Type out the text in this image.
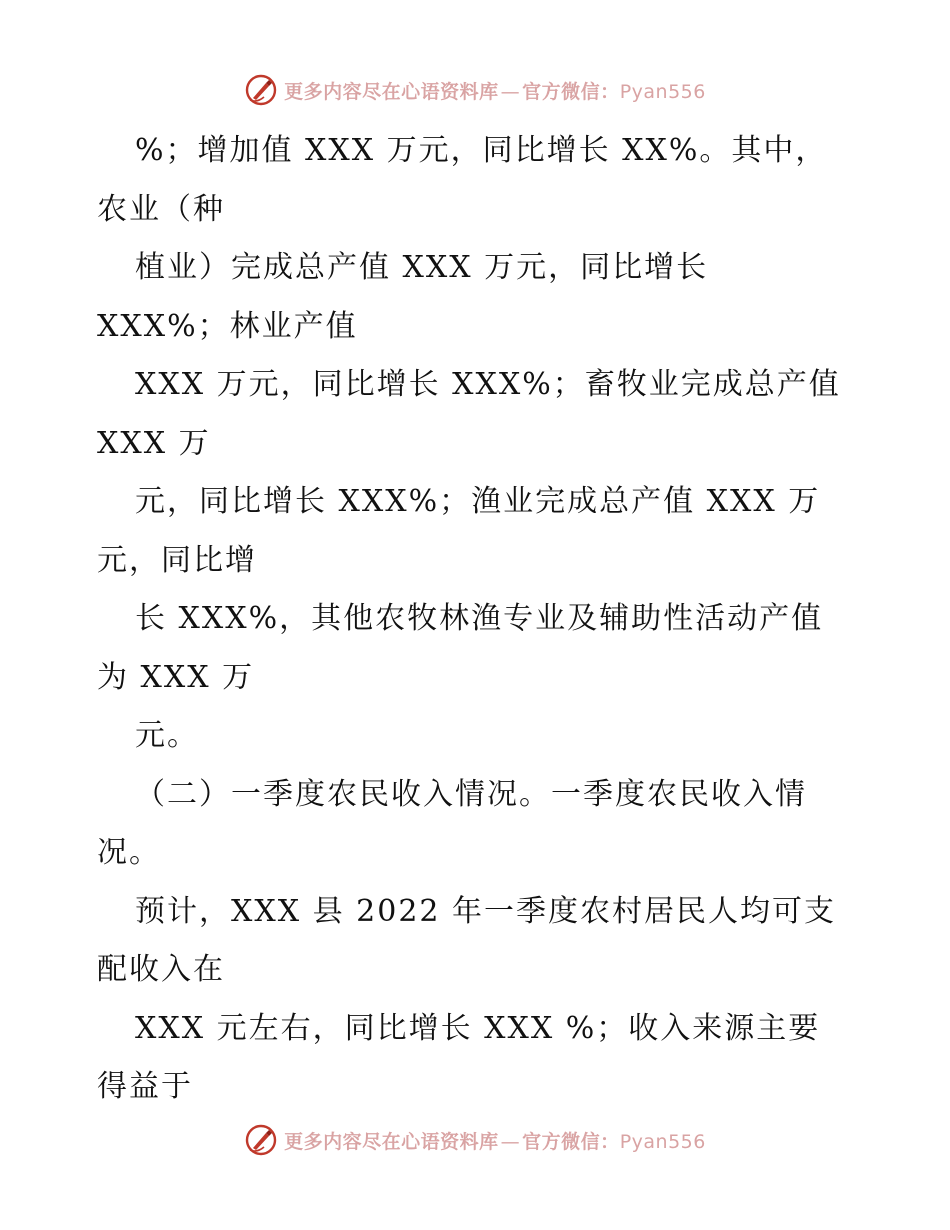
更多内容尽在心语资料库 — 官方微信：Pyan556
%；增加值 XXX 万元，同比增长 XX%。其中，
农业（种
植业）完成总产值 XXX 万元，同比增长
XXX%；林业产值
XXX 万元，同比增长 XXX%；畜牧业完成总产值
XXX 万
元，同比增长 XXX%；渔业完成总产值 XXX 万
元，同比增
长 XXX%，其他农牧林渔专业及辅助性活动产值
为 XXX 万
元。
（二）一季度农民收入情况。一季度农民收入情
况。
预计，XXX 县 2022 年一季度农村居民人均可支
配收入在
XXX 元左右，同比增长 XXX %；收入来源主要
得益于
更多内容尽在心语资料库 — 官方微信：Pyan556
